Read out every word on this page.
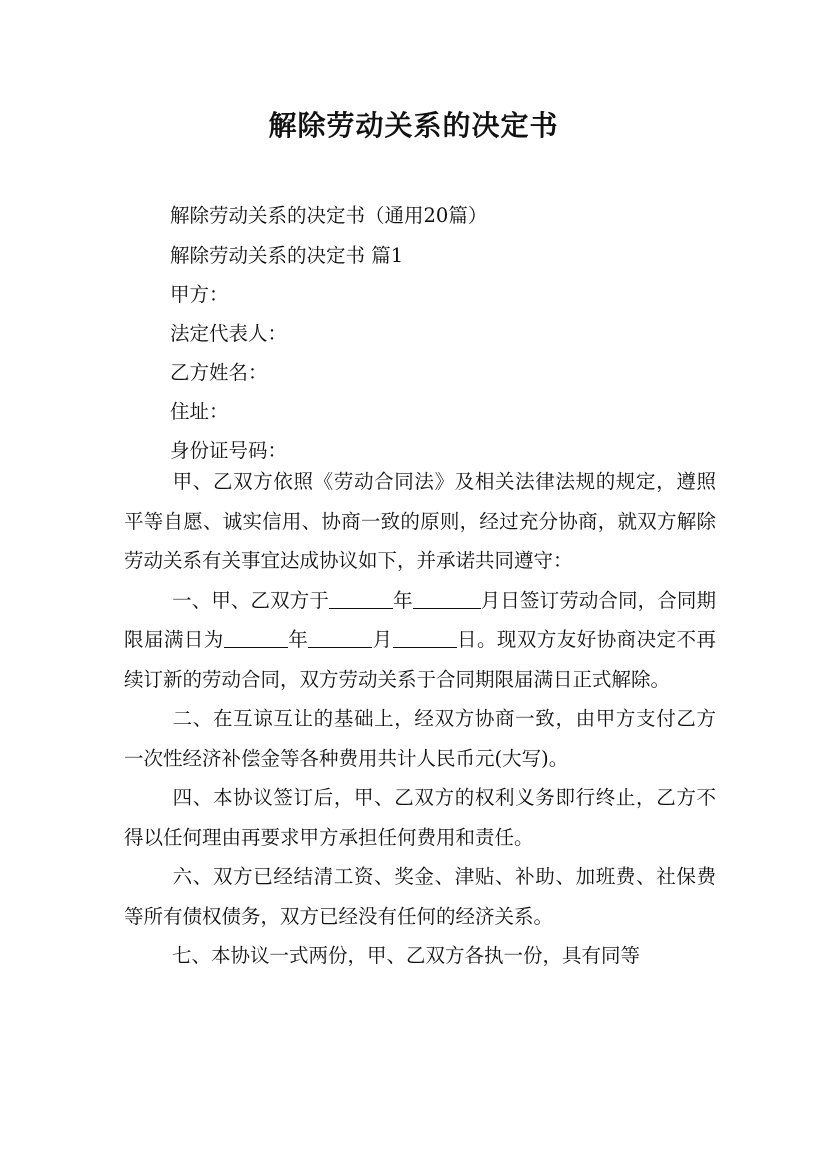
解除劳动关系的决定书
解除劳动关系的决定书（通用20篇）
解除劳动关系的决定书 篇1
甲方：
法定代表人：
乙方姓名：
住址：
身份证号码：

甲、乙双方依照《劳动合同法》及相关法律法规的规定，遵照平等自愿、诚实信用、协商一致的原则，经过充分协商，就双方解除劳动关系有关事宜达成协议如下，并承诺共同遵守：

一、甲、乙双方于	年	月日签订劳动合同，合同期限届满日为	年	月	日。现双方友好协商决定不再续订新的劳动合同，双方劳动关系于合同期限届满日正式解除。

二、在互谅互让的基础上，经双方协商一致，由甲方支付乙方一次性经济补偿金等各种费用共计人民币元(大写)。

四、本协议签订后，甲、乙双方的权利义务即行终止，乙方不得以任何理由再要求甲方承担任何费用和责任。

六、双方已经结清工资、奖金、津贴、补助、加班费、社保费等所有债权债务，双方已经没有任何的经济关系。

七、本协议一式两份，甲、乙双方各执一份，具有同等
